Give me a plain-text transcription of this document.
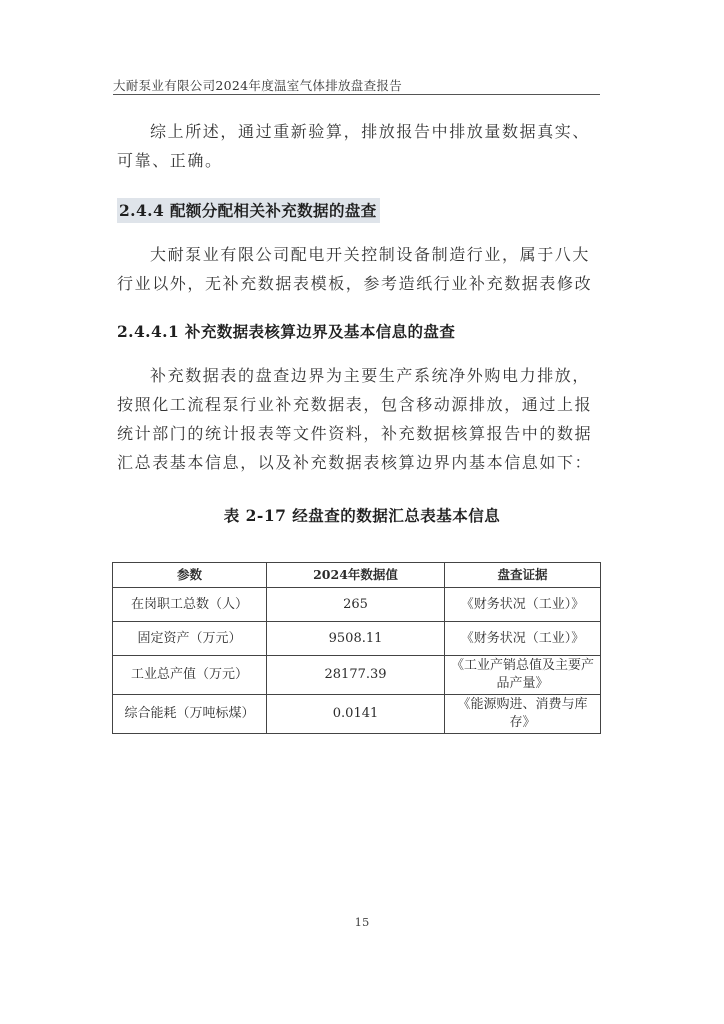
大耐泵业有限公司2024年度温室气体排放盘查报告

综上所述，通过重新验算，排放报告中排放量数据真实、可靠、正确。

2.4.4 配额分配相关补充数据的盘查

大耐泵业有限公司配电开关控制设备制造行业，属于八大行业以外，无补充数据表模板，参考造纸行业补充数据表修改

2.4.4.1 补充数据表核算边界及基本信息的盘查

补充数据表的盘查边界为主要生产系统净外购电力排放，按照化工流程泵行业补充数据表，包含移动源排放，通过上报统计部门的统计报表等文件资料，补充数据核算报告中的数据汇总表基本信息，以及补充数据表核算边界内基本信息如下：

表 2-17 经盘查的数据汇总表基本信息
参数	2024年数据值	盘查证据
在岗职工总数（人）	265	《财务状况（工业）》
固定资产（万元）	9508.11	《财务状况（工业）》
工业总产值（万元）	28177.39	《工业产销总值及主要产品产量》
综合能耗（万吨标煤）	0.0141	《能源购进、消费与库存》
15
